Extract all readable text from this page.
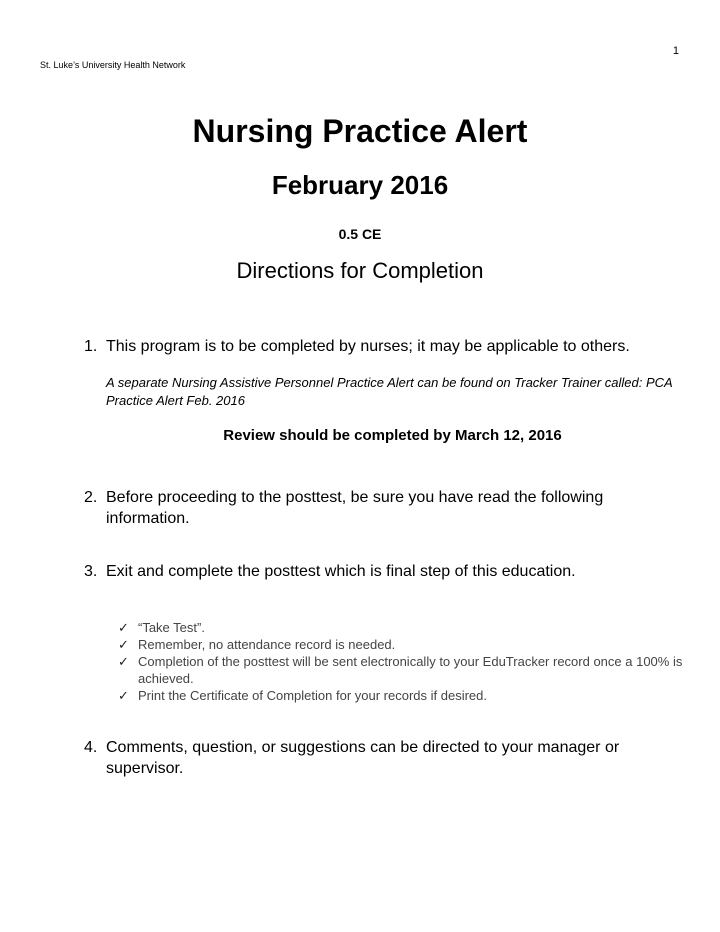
1
St. Luke’s University Health Network
Nursing Practice Alert
February 2016
0.5 CE
Directions for Completion
1. This program is to be completed by nurses; it may be applicable to others.
A separate Nursing Assistive Personnel Practice Alert can be found on Tracker Trainer called: PCA Practice Alert Feb. 2016
Review should be completed by March 12, 2016
2. Before proceeding to the posttest, be sure you have read the following information.
3. Exit and complete the posttest which is final step of this education.
✓ “Take Test”.
✓ Remember, no attendance record is needed.
✓ Completion of the posttest will be sent electronically to your EduTracker record once a 100% is achieved.
✓ Print the Certificate of Completion for your records if desired.
4. Comments, question, or suggestions can be directed to your manager or supervisor.
